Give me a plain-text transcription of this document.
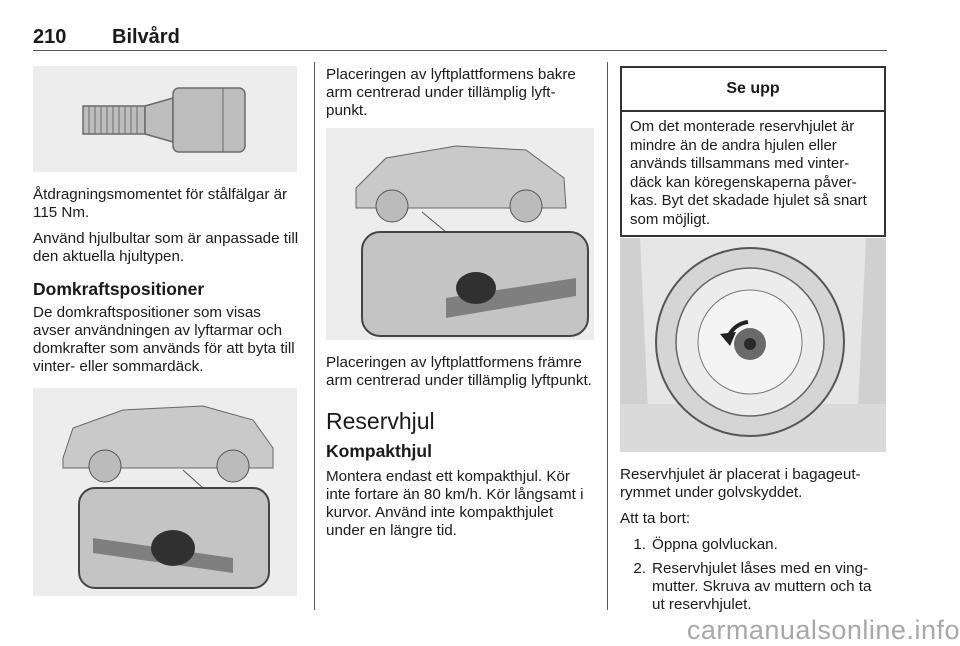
210 Bilvård

Åtdragningsmomentet för stålfälgar är 115 Nm.

Använd hjulbultar som är anpassade till den aktuella hjultypen.

Domkraftspositioner

De domkraftspositioner som visas avser användningen av lyftarmar och domkrafter som används för att byta till vinter- eller sommardäck.

Placeringen av lyftplattformens bakre arm centrerad under tillämplig lyft-punkt.

Placeringen av lyftplattformens främre arm centrerad under tillämplig lyftpunkt.

Reservhjul

Kompakthjul

Montera endast ett kompakthjul. Kör inte fortare än 80 km/h. Kör långsamt i kurvor. Använd inte kompakthjulet under en längre tid.

Se upp
Om det monterade reservhjulet är mindre än de andra hjulen eller används tillsammans med vinter-däck kan köregenskaperna påver-kas. Byt det skadade hjulet så snart som möjligt.

Reservhjulet är placerat i bagageut-rymmet under golvskyddet.

Att ta bort:

1. Öppna golvluckan.
2. Reservhjulet låses med en ving-mutter. Skruva av muttern och ta ut reservhjulet.
carmanualsonline.info
